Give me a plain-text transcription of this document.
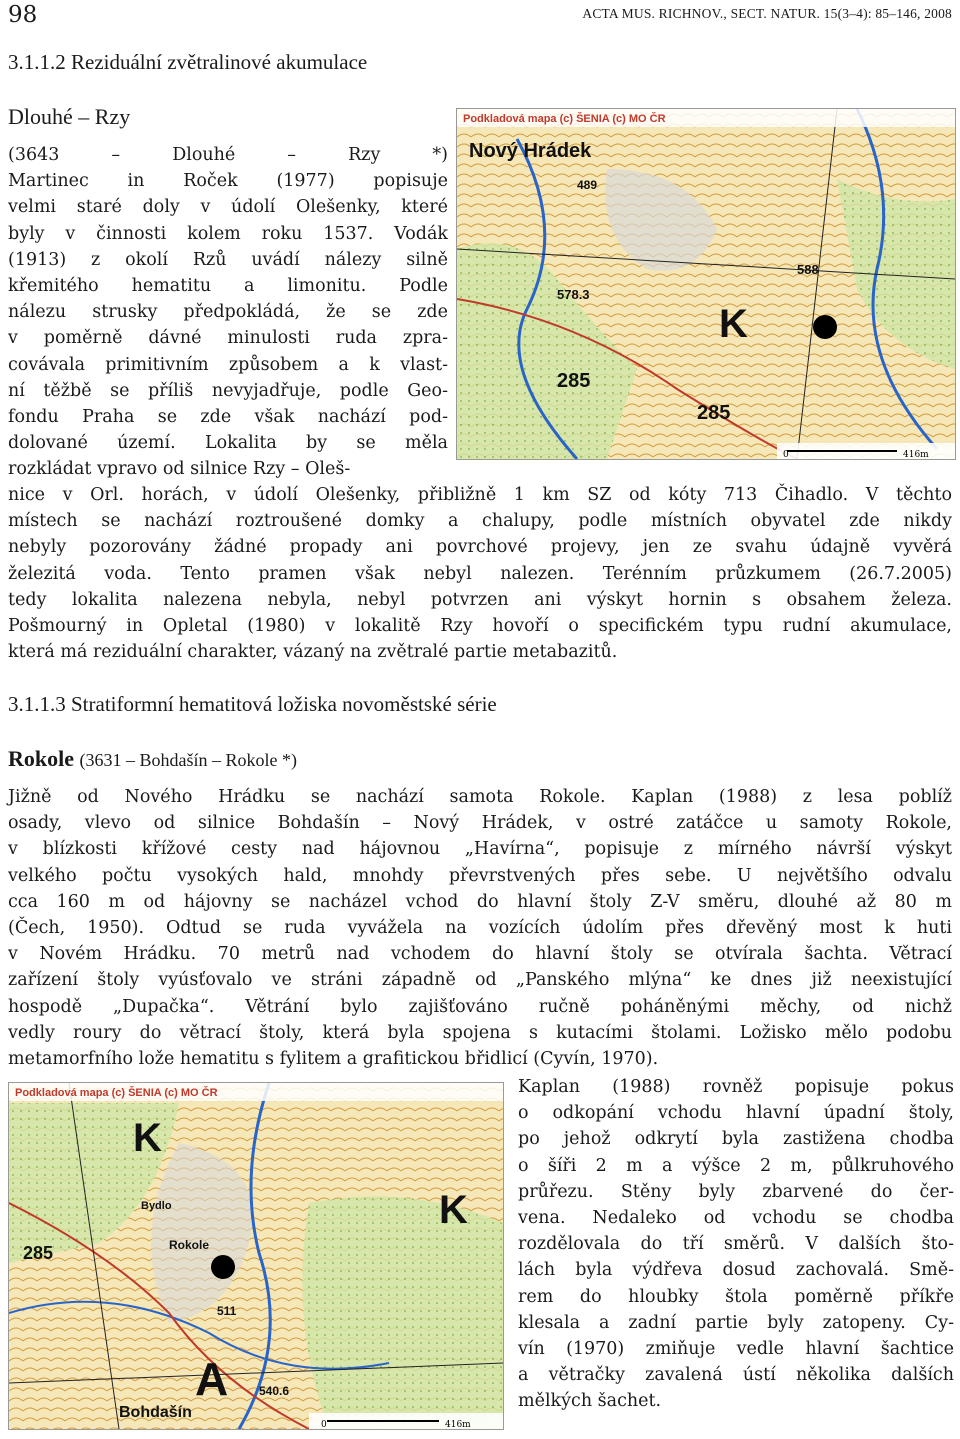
98	ACTA MUS. RICHNOV., SECT. NATUR. 15(3–4): 85–146, 2008
3.1.1.2 Reziduální zvětralinové akumulace
Dlouhé – Rzy
(3643 – Dlouhé – Rzy *)
Martinec in Roček (1977) popisuje
velmi staré doly v údolí Olešenky, které
byly v činnosti kolem roku 1537. Vodák
(1913) z okolí Rzů uvádí nálezy silně
křemitého hematitu a limonitu. Podle
nálezu strusky předpokládá, že se zde
v poměrně dávné minulosti ruda zpra-
covávala primitivním způsobem a k vlast-
ní těžbě se příliš nevyjadřuje, podle Geo-
fondu Praha se zde však nachází pod-
dolované území. Lokalita by se měla
rozkládat vpravo od silnice Rzy – Oleš-
nice v Orl. horách, v údolí Olešenky, přibližně 1 km SZ od kóty 713 Čihadlo. V těchto
místech se nachází roztroušené domky a chalupy, podle místních obyvatel zde nikdy
nebyly pozorovány žádné propady ani povrchové projevy, jen ze svahu údajně vyvěrá
železitá voda. Tento pramen však nebyl nalezen. Terénním průzkumem (26.7.2005)
tedy lokalita nalezena nebyla, nebyl potvrzen ani výskyt hornin s obsahem železa.
Pošmourný in Opletal (1980) v lokalitě Rzy hovoří o specifickém typu rudní akumulace,
která má reziduální charakter, vázaný na zvětralé partie metabazitů.
Podkladová mapa (c) ŠENIA (c) MO ČR
Nový Hrádek
489
578.3
588
285
285
K
0	416m
3.1.1.3 Stratiformní hematitová ložiska novoměstské série
Rokole (3631 – Bohdašín – Rokole *)
Jižně od Nového Hrádku se nachází samota Rokole. Kaplan (1988) z lesa poblíž
osady, vlevo od silnice Bohdašín – Nový Hrádek, v ostré zatáčce u samoty Rokole,
v blízkosti křížové cesty nad hájovnou „Havírna“, popisuje z mírného návrší výskyt
velkého počtu vysokých hald, mnohdy převrstvených přes sebe. U největšího odvalu
cca 160 m od hájovny se nacházel vchod do hlavní štoly Z-V směru, dlouhé až 80 m
(Čech, 1950). Odtud se ruda vyvážela na vozících údolím přes dřevěný most k huti
v Novém Hrádku. 70 metrů nad vchodem do hlavní štoly se otvírala šachta. Větrací
zařízení štoly vyúsťovalo ve stráni západně od „Panského mlýna“ ke dnes již neexistující
hospodě „Dupačka“. Větrání bylo zajišťováno ručně poháněnými měchy, od nichž
vedly roury do větrací štoly, která byla spojena s kutacími štolami. Ložisko mělo podobu
metamorfního lože hematitu s fylitem a grafitickou břidlicí (Cyvín, 1970).
Kaplan (1988) rovněž popisuje pokus
o odkopání vchodu hlavní úpadní štoly,
po jehož odkrytí byla zastižena chodba
o šíři 2 m a výšce 2 m, půlkruhového
průřezu. Stěny byly zbarvené do čer-
vena. Nedaleko od vchodu se chodba
rozdělovala do tří směrů. V dalších što-
lách byla výdřeva dosud zachovalá. Smě-
rem do hloubky štola poměrně příkře
klesala a zadní partie byly zatopeny. Cy-
vín (1970) zmiňuje vedle hlavní šachtice
a větračky zavalená ústí několika dalších
mělkých šachet.
Podkladová mapa (c) ŠENIA (c) MO ČR
K
K
A
Bydlo
Rokole
285
511
540.6
Bohdašín
0	416m
